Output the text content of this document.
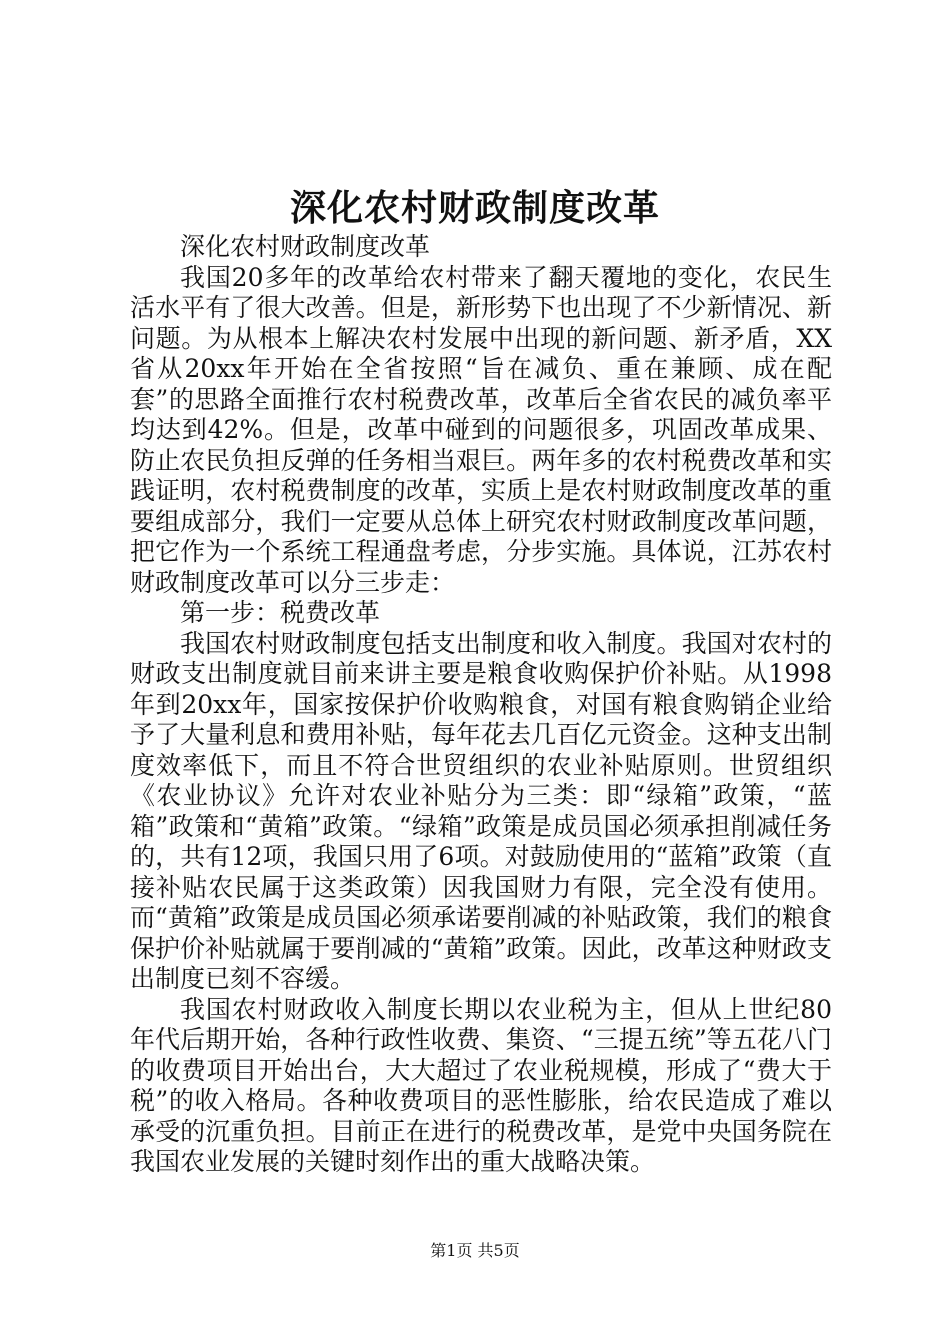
深化农村财政制度改革

深化农村财政制度改革

我国20多年的改革给农村带来了翻天覆地的变化，农民生活水平有了很大改善。但是，新形势下也出现了不少新情况、新问题。为从根本上解决农村发展中出现的新问题、新矛盾，XX省从20xx年开始在全省按照“旨在减负、重在兼顾、成在配套”的思路全面推行农村税费改革，改革后全省农民的减负率平均达到42%。但是，改革中碰到的问题很多，巩固改革成果、防止农民负担反弹的任务相当艰巨。两年多的农村税费改革和实践证明，农村税费制度的改革，实质上是农村财政制度改革的重要组成部分，我们一定要从总体上研究农村财政制度改革问题，把它作为一个系统工程通盘考虑，分步实施。具体说，江苏农村财政制度改革可以分三步走：

第一步：税费改革

我国农村财政制度包括支出制度和收入制度。我国对农村的财政支出制度就目前来讲主要是粮食收购保护价补贴。从1998年到20xx年，国家按保护价收购粮食，对国有粮食购销企业给予了大量利息和费用补贴，每年花去几百亿元资金。这种支出制度效率低下，而且不符合世贸组织的农业补贴原则。世贸组织《农业协议》允许对农业补贴分为三类：即“绿箱”政策，“蓝箱”政策和“黄箱”政策。“绿箱”政策是成员国必须承担削减任务的，共有12项，我国只用了6项。对鼓励使用的“蓝箱”政策（直接补贴农民属于这类政策）因我国财力有限，完全没有使用。而“黄箱”政策是成员国必须承诺要削减的补贴政策，我们的粮食保护价补贴就属于要削减的“黄箱”政策。因此，改革这种财政支出制度已刻不容缓。

我国农村财政收入制度长期以农业税为主，但从上世纪80年代后期开始，各种行政性收费、集资、“三提五统”等五花八门的收费项目开始出台，大大超过了农业税规模，形成了“费大于税”的收入格局。各种收费项目的恶性膨胀，给农民造成了难以承受的沉重负担。目前正在进行的税费改革，是党中央国务院在我国农业发展的关键时刻作出的重大战略决策。

第1页 共5页
